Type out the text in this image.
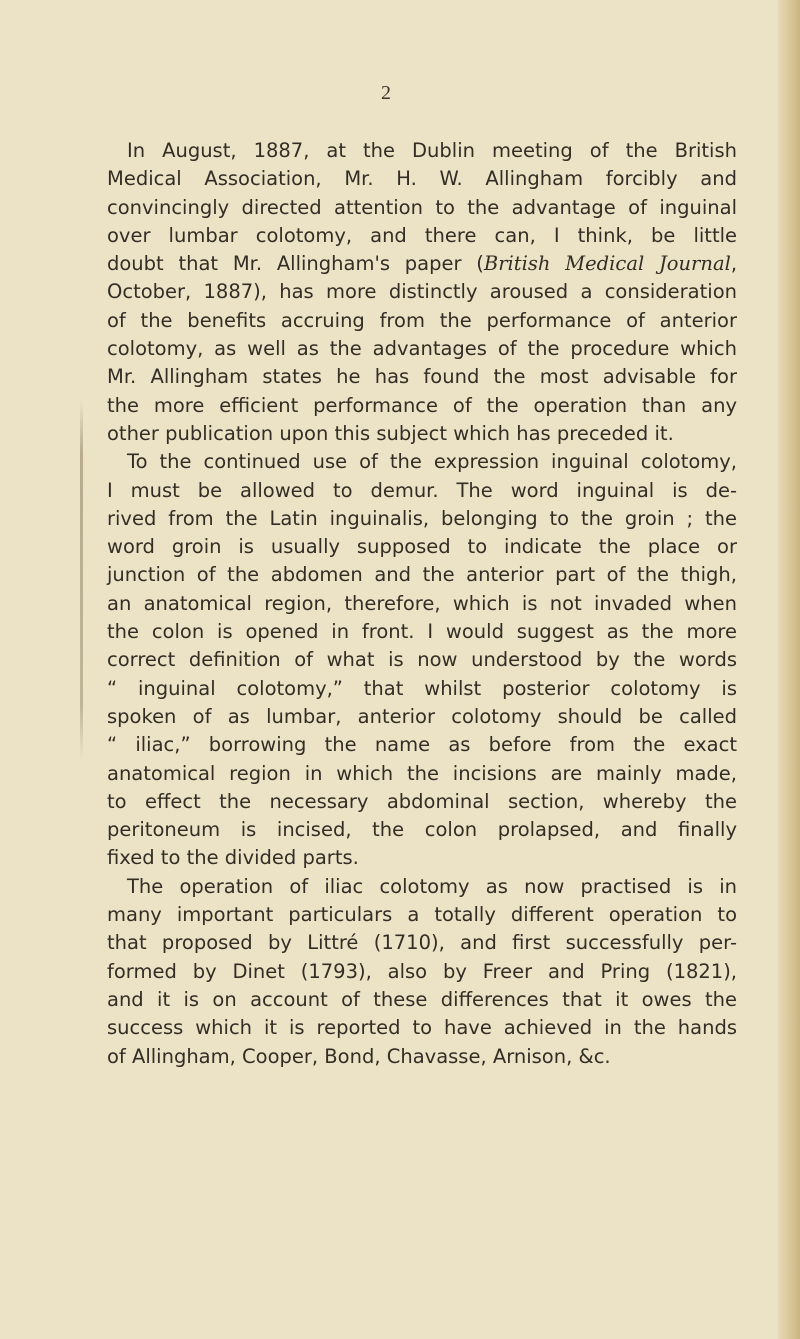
2
In August, 1887, at the Dublin meeting of the British
Medical Association, Mr. H. W. Allingham forcibly and
convincingly directed attention to the advantage of inguinal
over lumbar colotomy, and there can, I think, be little
doubt that Mr. Allingham's paper (British Medical Journal,
October, 1887), has more distinctly aroused a consideration
of the benefits accruing from the performance of anterior
colotomy, as well as the advantages of the procedure which
Mr. Allingham states he has found the most advisable for
the more efficient performance of the operation than any
other publication upon this subject which has preceded it.
To the continued use of the expression inguinal colotomy,
I must be allowed to demur. The word inguinal is de-
rived from the Latin inguinalis, belonging to the groin ; the
word groin is usually supposed to indicate the place or
junction of the abdomen and the anterior part of the thigh,
an anatomical region, therefore, which is not invaded when
the colon is opened in front. I would suggest as the more
correct definition of what is now understood by the words
“ inguinal colotomy,” that whilst posterior colotomy is
spoken of as lumbar, anterior colotomy should be called
“ iliac,” borrowing the name as before from the exact
anatomical region in which the incisions are mainly made,
to effect the necessary abdominal section, whereby the
peritoneum is incised, the colon prolapsed, and finally
fixed to the divided parts.
The operation of iliac colotomy as now practised is in
many important particulars a totally different operation to
that proposed by Littré (1710), and first successfully per-
formed by Dinet (1793), also by Freer and Pring (1821),
and it is on account of these differences that it owes the
success which it is reported to have achieved in the hands
of Allingham, Cooper, Bond, Chavasse, Arnison, &c.
